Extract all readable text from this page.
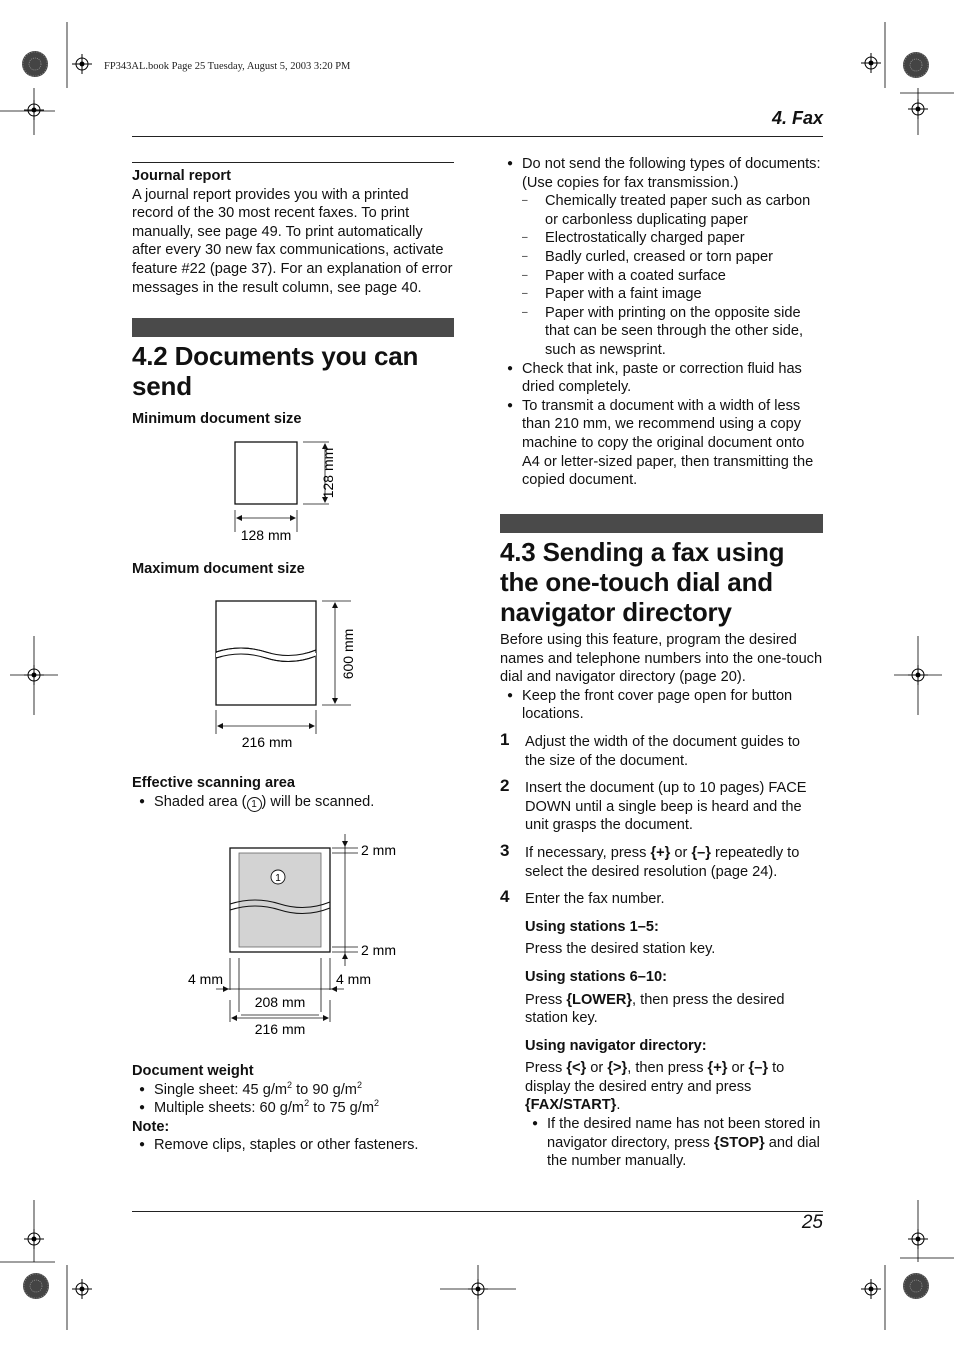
FP343AL.book Page 25 Tuesday, August 5, 2003 3:20 PM
4. Fax
Journal report
A journal report provides you with a printed record of the 30 most recent faxes. To print manually, see page 49. To print automatically after every 30 new fax communications, activate feature #22 (page 37). For an explanation of error messages in the result column, see page 40.
4.2 Documents you can send
Minimum document size
128 mm
128 mm
Maximum document size
600 mm
216 mm
Effective scanning area
● Shaded area ( 1 ) will be scanned.
1
2 mm
2 mm
4 mm	4 mm
208 mm
216 mm
Document weight
● Single sheet: 45 $g/m^2$ to 90 $g/m^2$
● Multiple sheets: 60 $g/m^2$ to 75 $g/m^2$
Note:
● Remove clips, staples or other fasteners.
● Do not send the following types of documents: (Use copies for fax transmission.)
– Chemically treated paper such as carbon or carbonless duplicating paper
– Electrostatically charged paper
– Badly curled, creased or torn paper
– Paper with a coated surface
– Paper with a faint image
– Paper with printing on the opposite side that can be seen through the other side, such as newsprint.
● Check that ink, paste or correction fluid has dried completely.
● To transmit a document with a width of less than 210 mm, we recommend using a copy machine to copy the original document onto A4 or letter-sized paper, then transmitting the copied document.
4.3 Sending a fax using the one-touch dial and navigator directory
Before using this feature, program the desired names and telephone numbers into the one-touch dial and navigator directory (page 20).
● Keep the front cover page open for button locations.
1 Adjust the width of the document guides to the size of the document.
2 Insert the document (up to 10 pages) FACE DOWN until a single beep is heard and the unit grasps the document.
3 If necessary, press {+} or {–} repeatedly to select the desired resolution (page 24).
4 Enter the fax number.
Using stations 1–5:
Press the desired station key.
Using stations 6–10:
Press {LOWER}, then press the desired station key.
Using navigator directory:
Press {<} or {>}, then press {+} or {–} to display the desired entry and press {FAX/START}.
● If the desired name has not been stored in navigator directory, press {STOP} and dial the number manually.
25
